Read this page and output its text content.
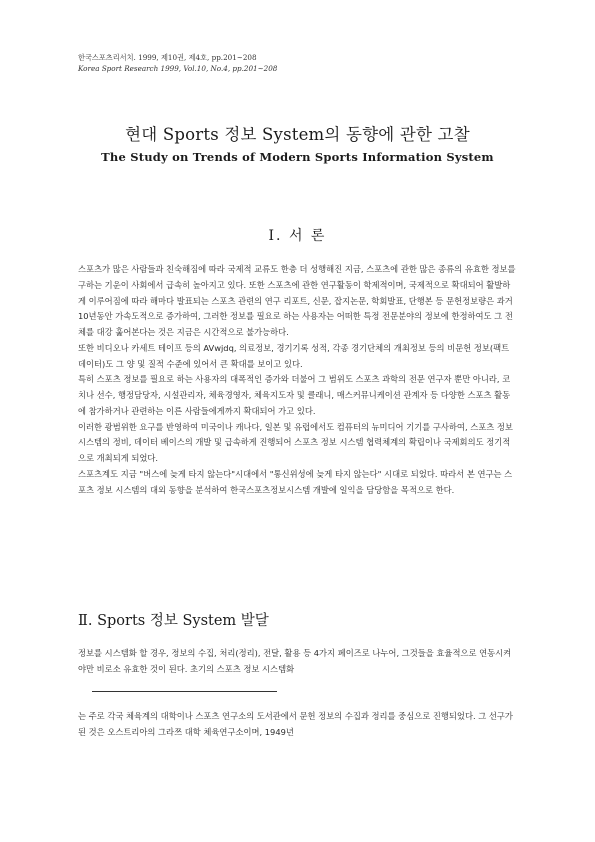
한국스포츠리서치. 1999, 제10권, 제4호, pp.201~208
Korea Sport Research 1999, Vol.10, No.4, pp.201~208
현대 Sports 정보 System의 동향에 관한 고찰
The Study on Trends of Modern Sports Information System
Ⅰ. 서 론

스포츠가 많은 사람들과 친숙해짐에 따라 국제적 교류도 한층 더 성행해진 지금, 스포츠에 관한 많은 종류의 유효한 정보를 구하는 기운이 사회에서 급속히 높아지고 있다. 또한 스포츠에 관한 연구활동이 학제적이며, 국제적으로 확대되어 활발하게 이루어짐에 따라 해마다 발표되는 스포츠 관련의 연구 리포트, 신문, 잡지논문, 학회발표, 단행본 등 문헌정보량은 과거 10년동안 가속도적으로 증가하여, 그러한 정보를 필요로 하는 사용자는 어떠한 특정 전문분야의 정보에 한정하여도 그 전체를 대강 훑어본다는 것은 지금은 시간적으로 불가능하다.

또한 비디오나 카세트 테이프 등의 AVwjdq, 의료정보, 경기기록 성적, 각종 경기단체의 개최정보 등의 비문헌 정보(팩트 데이터)도 그 양 및 질적 수준에 있어서 큰 확대를 보이고 있다.

특히 스포츠 정보를 필요로 하는 사용자의 대폭적인 증가와 더불어 그 범위도 스포츠 과학의 전문 연구자 뿐만 아니라, 코치나 선수, 행정담당자, 시설관리자, 체육경영자, 체육지도자 및 클래니, 매스커뮤니케이션 관계자 등 다양한 스포츠 활동에 참가하거나 관련하는 이른 사람들에게까지 확대되어 가고 있다.

이러한 광범위한 요구를 반영하여 미국이나 캐나다, 일본 및 유럽에서도 컴퓨터의 뉴미디어 기기를 구사하여, 스포츠 정보 시스템의 정비, 데이터 베이스의 개발 및 급속하게 진행되어 스포츠 정보 시스템 협력체계의 확립이나 국제회의도 정기적으로 개최되게 되었다.

스포츠계도 지금 "버스에 늦게 타지 않는다"시대에서 "통신위성에 늦게 타지 않는다" 시대로 되었다. 따라서 본 연구는 스포츠 정보 시스템의 대외 동향을 분석하여 한국스포츠정보시스템 개발에 일익을 담당함을 목적으로 한다.

Ⅱ. Sports 정보 System 발달

정보를 시스템화 할 경우, 정보의 수집, 처리(정리), 전달, 활용 등 4가지 페이즈로 나누어, 그것들을 효율적으로 연동시켜야만 비로소 유효한 것이 된다. 초기의 스포츠 정보 시스템화

는 주로 각국 체육계의 대학이나 스포츠 연구소의 도서관에서 문헌 정보의 수집과 정리를 중심으로 진행되었다. 그 선구가 된 것은 오스트리아의 그라쯔 대학 체육연구소이며, 1949년
